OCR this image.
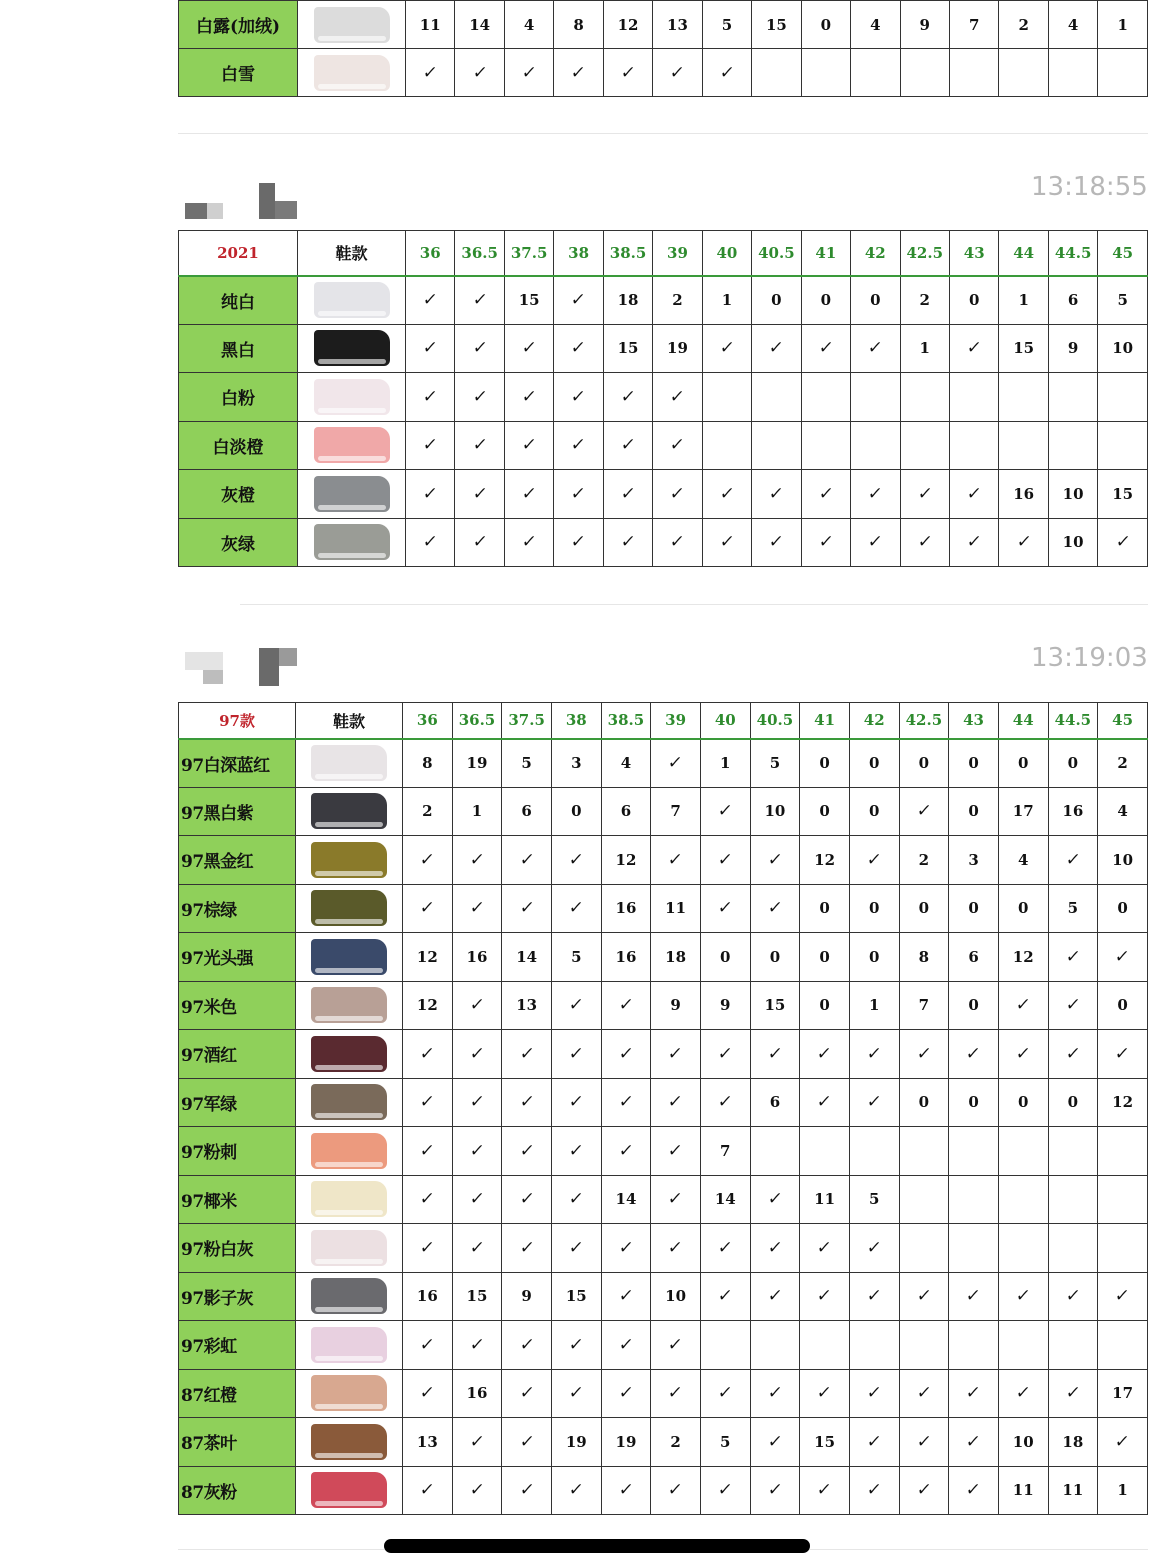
白露(加绒)		11	14	4	8	12	13	5	15	0	4	9	7	2	4	1
白雪		✓	✓	✓	✓	✓	✓	✓								
13:18:55
2021	鞋款	36	36.5	37.5	38	38.5	39	40	40.5	41	42	42.5	43	44	44.5	45
纯白		✓	✓	15	✓	18	2	1	0	0	0	2	0	1	6	5
黑白		✓	✓	✓	✓	15	19	✓	✓	✓	✓	1	✓	15	9	10
白粉		✓	✓	✓	✓	✓	✓									
白淡橙		✓	✓	✓	✓	✓	✓									
灰橙		✓	✓	✓	✓	✓	✓	✓	✓	✓	✓	✓	✓	16	10	15
灰绿		✓	✓	✓	✓	✓	✓	✓	✓	✓	✓	✓	✓	✓	10	✓
13:19:03
97款	鞋款	36	36.5	37.5	38	38.5	39	40	40.5	41	42	42.5	43	44	44.5	45
97白深蓝红		8	19	5	3	4	✓	1	5	0	0	0	0	0	0	2
97黑白紫		2	1	6	0	6	7	✓	10	0	0	✓	0	17	16	4
97黑金红		✓	✓	✓	✓	12	✓	✓	✓	12	✓	2	3	4	✓	10
97棕绿		✓	✓	✓	✓	16	11	✓	✓	0	0	0	0	0	5	0
97光头强		12	16	14	5	16	18	0	0	0	0	8	6	12	✓	✓
97米色		12	✓	13	✓	✓	9	9	15	0	1	7	0	✓	✓	0
97酒红		✓	✓	✓	✓	✓	✓	✓	✓	✓	✓	✓	✓	✓	✓	✓
97军绿		✓	✓	✓	✓	✓	✓	✓	6	✓	✓	0	0	0	0	12
97粉刺		✓	✓	✓	✓	✓	✓	7								
97椰米		✓	✓	✓	✓	14	✓	14	✓	11	5					
97粉白灰		✓	✓	✓	✓	✓	✓	✓	✓	✓	✓					
97影子灰		16	15	9	15	✓	10	✓	✓	✓	✓	✓	✓	✓	✓	✓
97彩虹		✓	✓	✓	✓	✓	✓									
87红橙		✓	16	✓	✓	✓	✓	✓	✓	✓	✓	✓	✓	✓	✓	17
87茶叶		13	✓	✓	19	19	2	5	✓	15	✓	✓	✓	10	18	✓
87灰粉		✓	✓	✓	✓	✓	✓	✓	✓	✓	✓	✓	✓	11	11	1
